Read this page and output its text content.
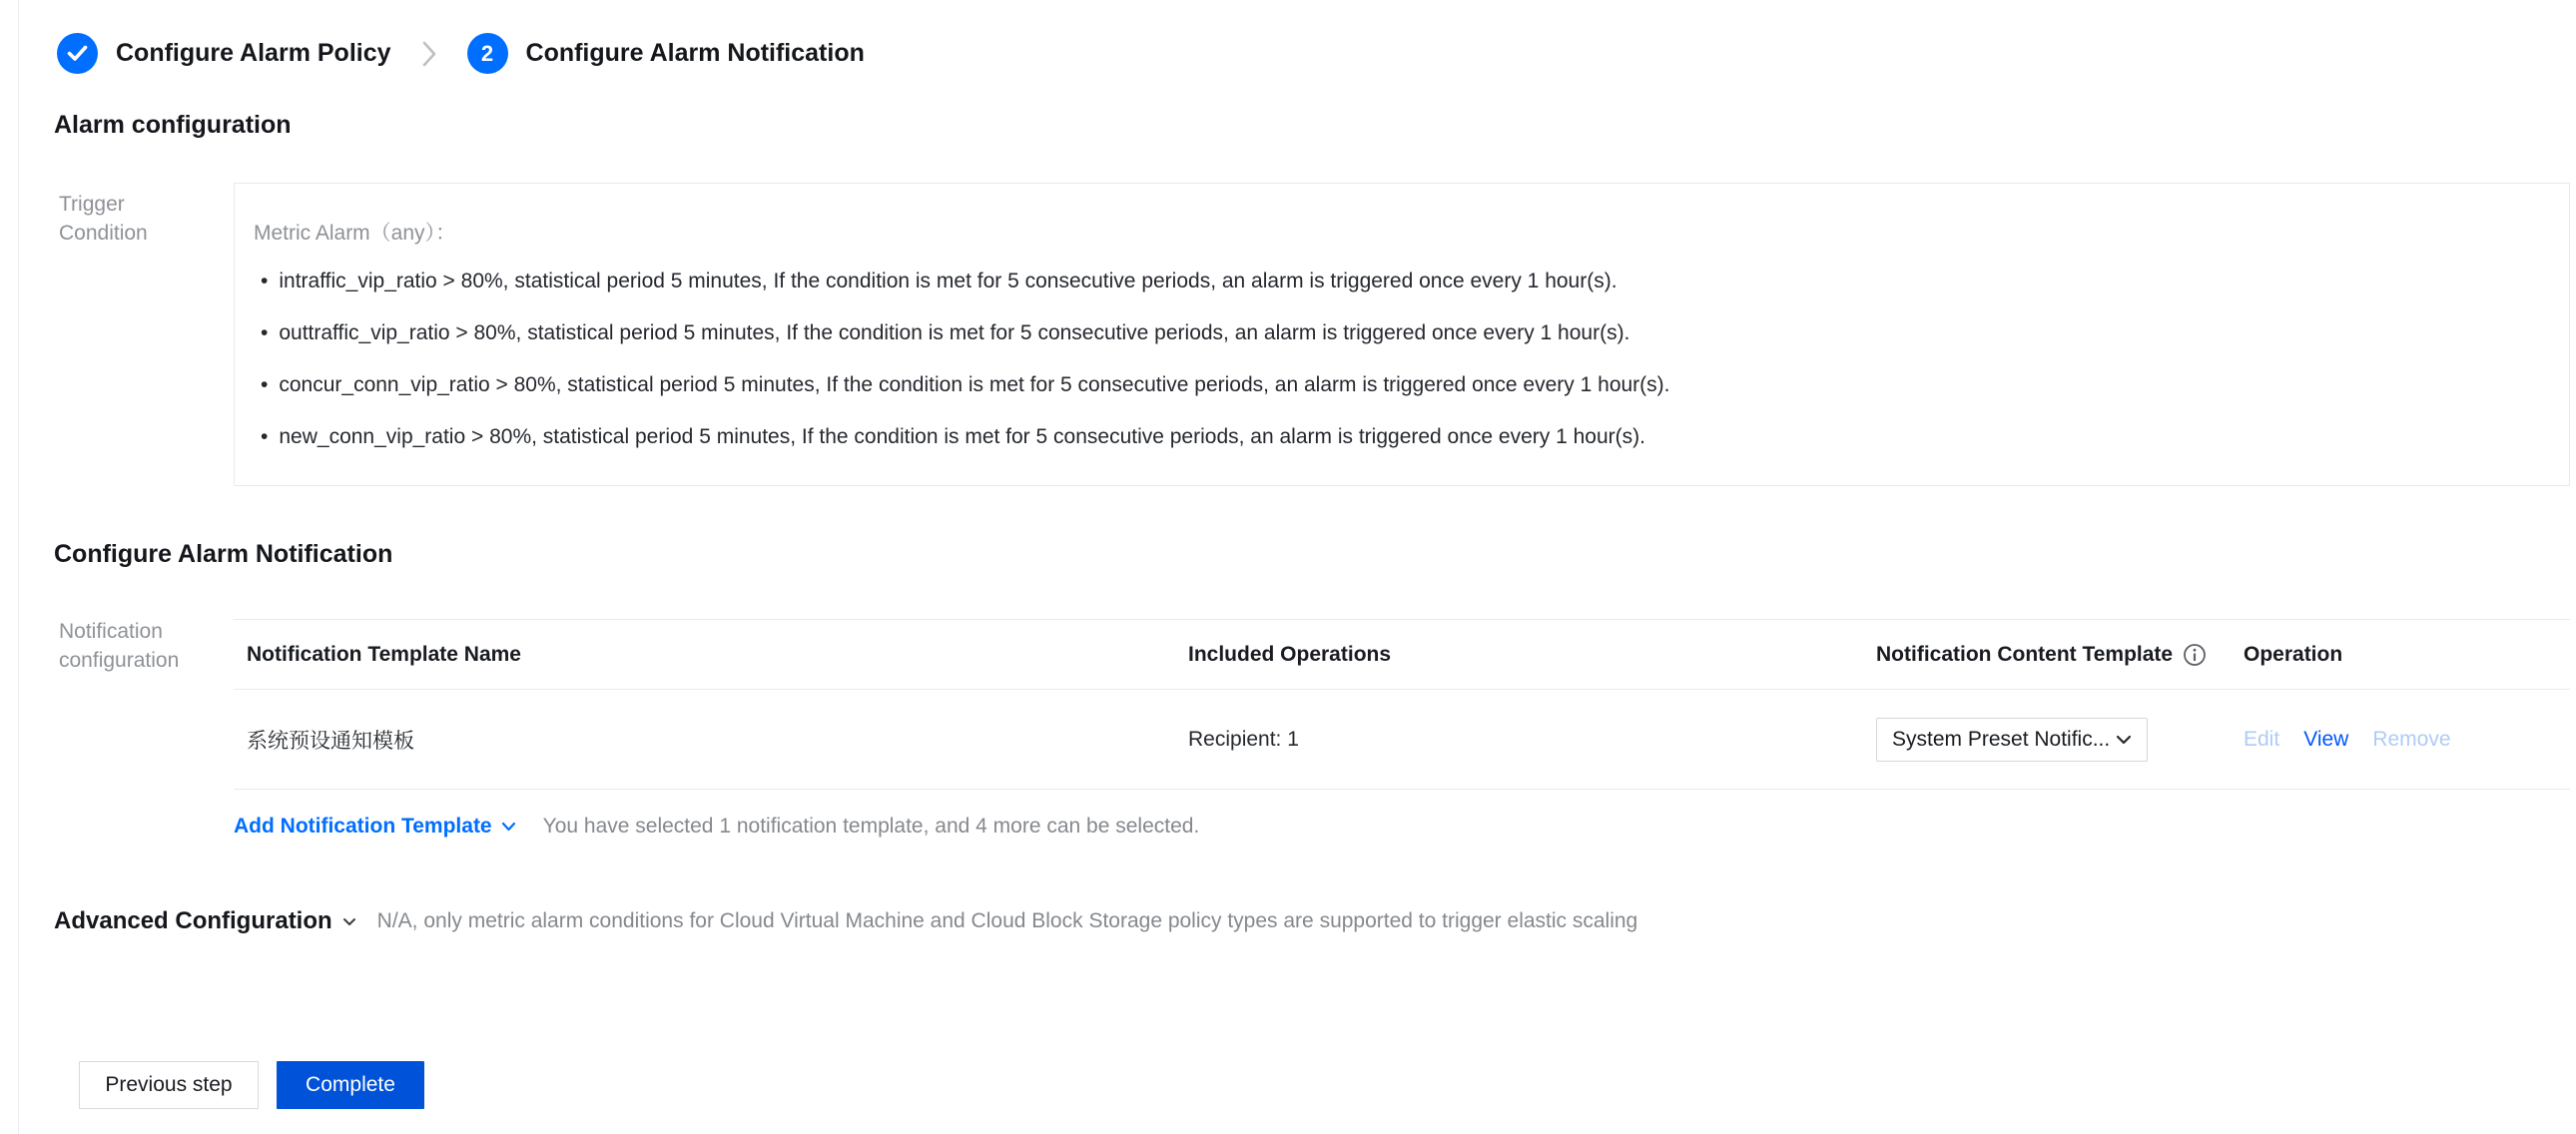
Configure Alarm Policy	2 Configure Alarm Notification
Alarm configuration
Trigger
Condition	Metric Alarm（any）：
• intraffic_vip_ratio > 80%, statistical period 5 minutes, If the condition is met for 5 consecutive periods, an alarm is triggered once every 1 hour(s).
• outtraffic_vip_ratio > 80%, statistical period 5 minutes, If the condition is met for 5 consecutive periods, an alarm is triggered once every 1 hour(s).
• concur_conn_vip_ratio > 80%, statistical period 5 minutes, If the condition is met for 5 consecutive periods, an alarm is triggered once every 1 hour(s).
• new_conn_vip_ratio > 80%, statistical period 5 minutes, If the condition is met for 5 consecutive periods, an alarm is triggered once every 1 hour(s).
Configure Alarm Notification
Notification
configuration	Notification Template Name	Included Operations	Notification Content Template	Operation
系统预设通知模板	Recipient: 1	System Preset Notific...	Edit View Remove
Add Notification Template You have selected 1 notification template, and 4 more can be selected.
Advanced Configuration N/A, only metric alarm conditions for Cloud Virtual Machine and Cloud Block Storage policy types are supported to trigger elastic scaling
Previous step	Complete
